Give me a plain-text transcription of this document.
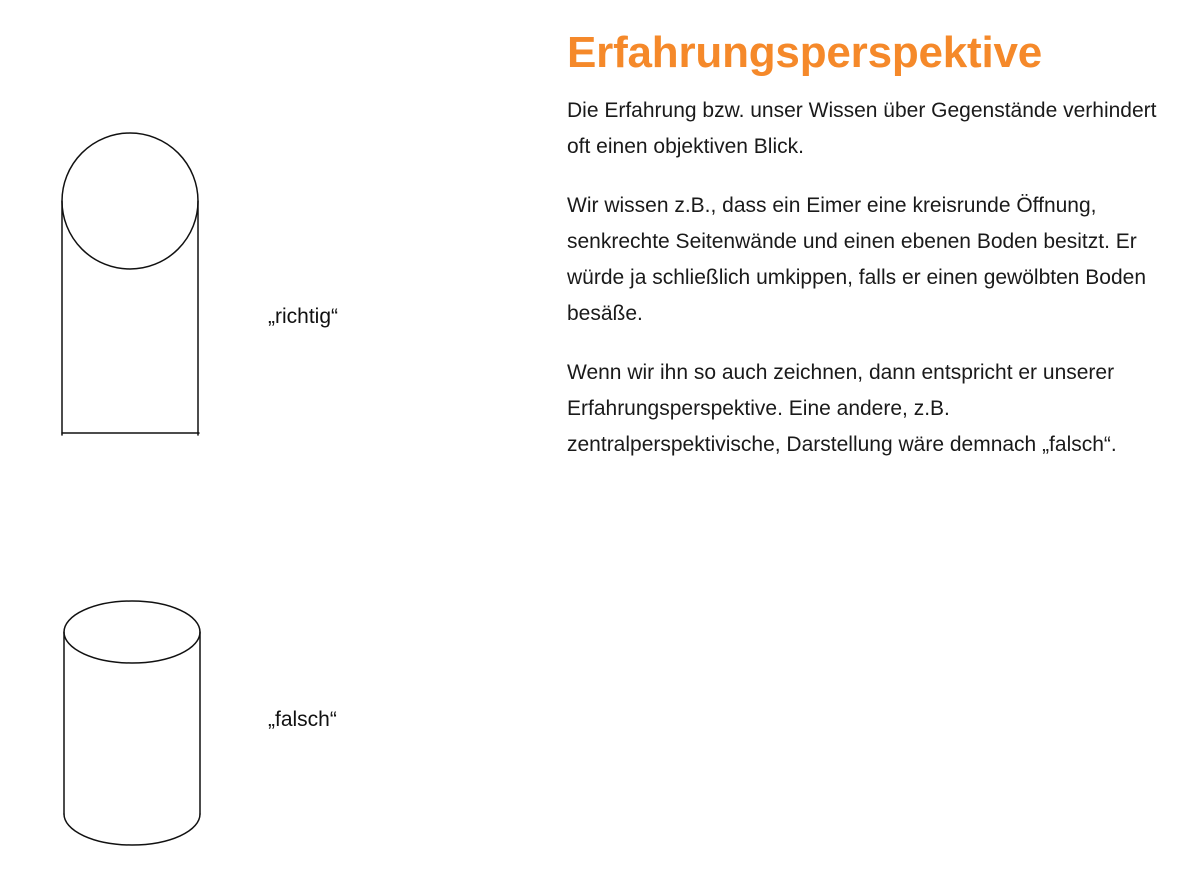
„richtig“
„falsch“
Erfahrungsperspektive

Die Erfahrung bzw. unser Wissen über Gegenstände verhindert oft einen objektiven Blick.

Wir wissen z.B., dass ein Eimer eine kreisrunde Öffnung, senkrechte Seitenwände und einen ebenen Boden besitzt. Er würde ja schließlich umkippen, falls er einen gewölbten Boden besäße.

Wenn wir ihn so auch zeichnen, dann entspricht er unserer Erfahrungsperspektive. Eine andere, z.B. zentralperspektivische, Darstellung wäre demnach „falsch“.
